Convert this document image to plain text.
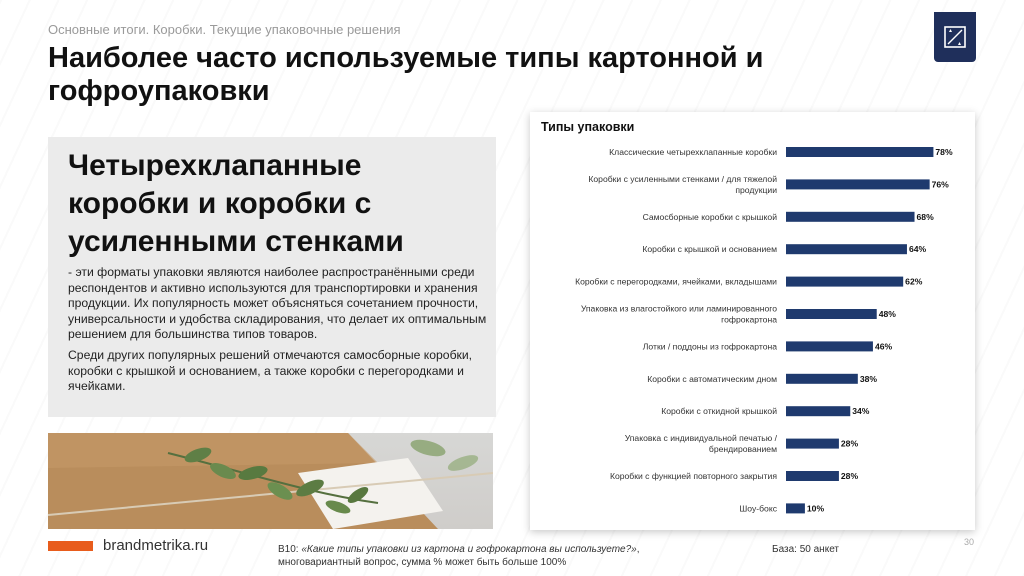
Основные итоги. Коробки. Текущие упаковочные решения
Наиболее часто используемые типы картонной и гофроупаковки
Четырехклапанные коробки и коробки с усиленными стенками

- эти форматы упаковки являются наиболее распространёнными среди респондентов и активно используются для транспортировки и хранения продукции. Их популярность может объясняться сочетанием прочности, универсальности и удобства складирования, что делает их оптимальным решением для большинства типов товаров.

Среди других популярных решений отмечаются самосборные коробки, коробки с крышкой и основанием, а также коробки с перегородками и ячейками.

Типы упаковки
Классические четырехклапанные коробки	78%
Коробки с усиленными стенками / для тяжелой продукции
76%
Самосборные коробки с крышкой	68%
Коробки с крышкой и основанием	64%
Коробки с перегородками, ячейками, вкладышами	62%
Упаковка из влагостойкого или ламинированного гофрокартона
48%
Лотки / поддоны из гофрокартона	46%
Коробки с автоматическим дном	38%
Коробки с откидной крышкой	34%
Упаковка с индивидуальной печатью / брендированием
28%
Коробки с функцией повторного закрытия	28%
Шоу-бокс	10%
brandmetrika.ru	B10: «Какие типы упаковки из картона и гофрокартона вы используете?»,
многовариантный вопрос, сумма % может быть больше 100%
База: 50 анкет
30
